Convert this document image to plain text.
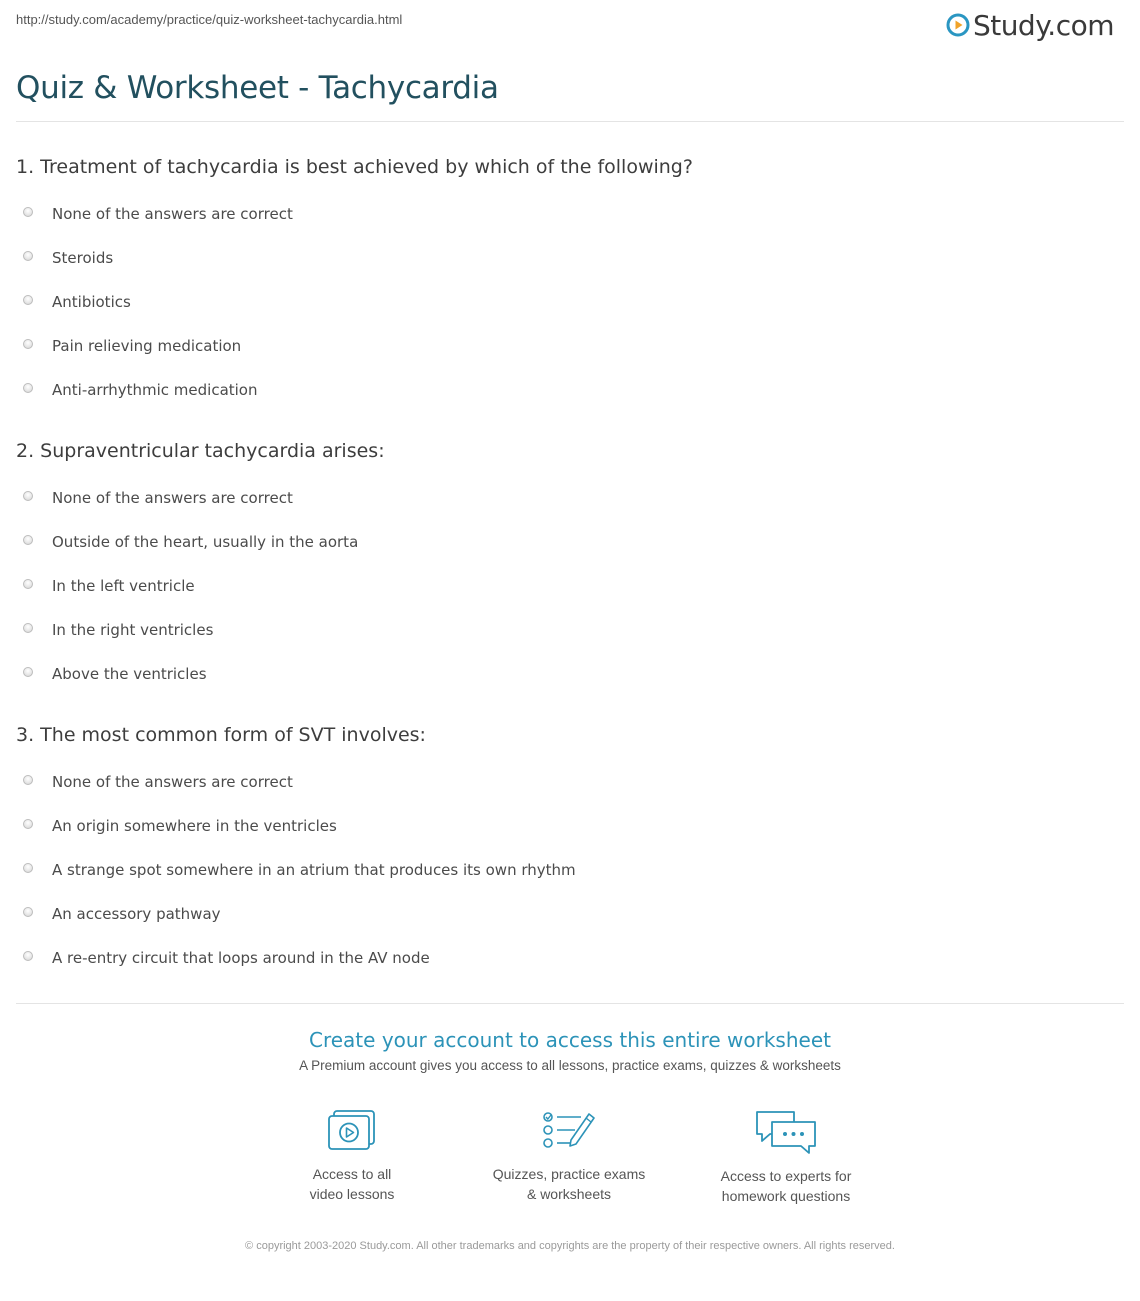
http://study.com/academy/practice/quiz-worksheet-tachycardia.html	Study.com
Quiz & Worksheet - Tachycardia
1. Treatment of tachycardia is best achieved by which of the following?
None of the answers are correct
Steroids
Antibiotics
Pain relieving medication
Anti-arrhythmic medication
2. Supraventricular tachycardia arises:
None of the answers are correct
Outside of the heart, usually in the aorta
In the left ventricle
In the right ventricles
Above the ventricles
3. The most common form of SVT involves:
None of the answers are correct
An origin somewhere in the ventricles
A strange spot somewhere in an atrium that produces its own rhythm
An accessory pathway
A re-entry circuit that loops around in the AV node
Create your account to access this entire worksheet

A Premium account gives you access to all lessons, practice exams, quizzes & worksheets

Access to all
video lessons
Quizzes, practice exams
& worksheets
Access to experts for
homework questions
© copyright 2003-2020 Study.com. All other trademarks and copyrights are the property of their respective owners. All rights reserved.
